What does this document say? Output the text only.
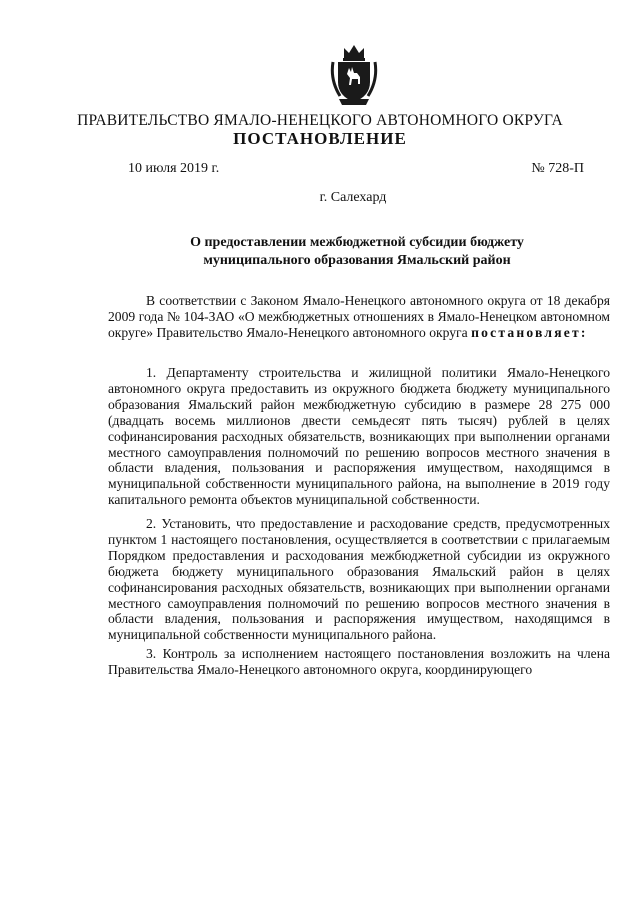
ПРАВИТЕЛЬСТВО ЯМАЛО-НЕНЕЦКОГО АВТОНОМНОГО ОКРУГА
ПОСТАНОВЛЕНИЕ
10 июля 2019 г.	№ 728-П
г. Салехард
О предоставлении межбюджетной субсидии бюджету
муниципального образования Ямальский район

В соответствии с Законом Ямало-Ненецкого автономного округа от 18 декабря 2009 года № 104-ЗАО «О межбюджетных отношениях в Ямало-Ненецком автономном округе» Правительство Ямало-Ненецкого автономного округа постановляет:

1. Департаменту строительства и жилищной политики Ямало-Ненецкого автономного округа предоставить из окружного бюджета бюджету муниципального образования Ямальский район межбюджетную субсидию в размере 28 275 000 (двадцать восемь миллионов двести семьдесят пять тысяч) рублей в целях софинансирования расходных обязательств, возникающих при выполнении органами местного самоуправления полномочий по решению вопросов местного значения в области владения, пользования и распоряжения имуществом, находящимся в муниципальной собственности муниципального района, на выполнение в 2019 году капитального ремонта объектов муниципальной собственности.

2. Установить, что предоставление и расходование средств, предусмотренных пунктом 1 настоящего постановления, осуществляется в соответствии с прилагаемым Порядком предоставления и расходования межбюджетной субсидии из окружного бюджета бюджету муниципального образования Ямальский район в целях софинансирования расходных обязательств, возникающих при выполнении органами местного самоуправления полномочий по решению вопросов местного значения в области владения, пользования и распоряжения имуществом, находящимся в муниципальной собственности муниципального района.

3. Контроль за исполнением настоящего постановления возложить на члена Правительства Ямало-Ненецкого автономного округа, координирующего
